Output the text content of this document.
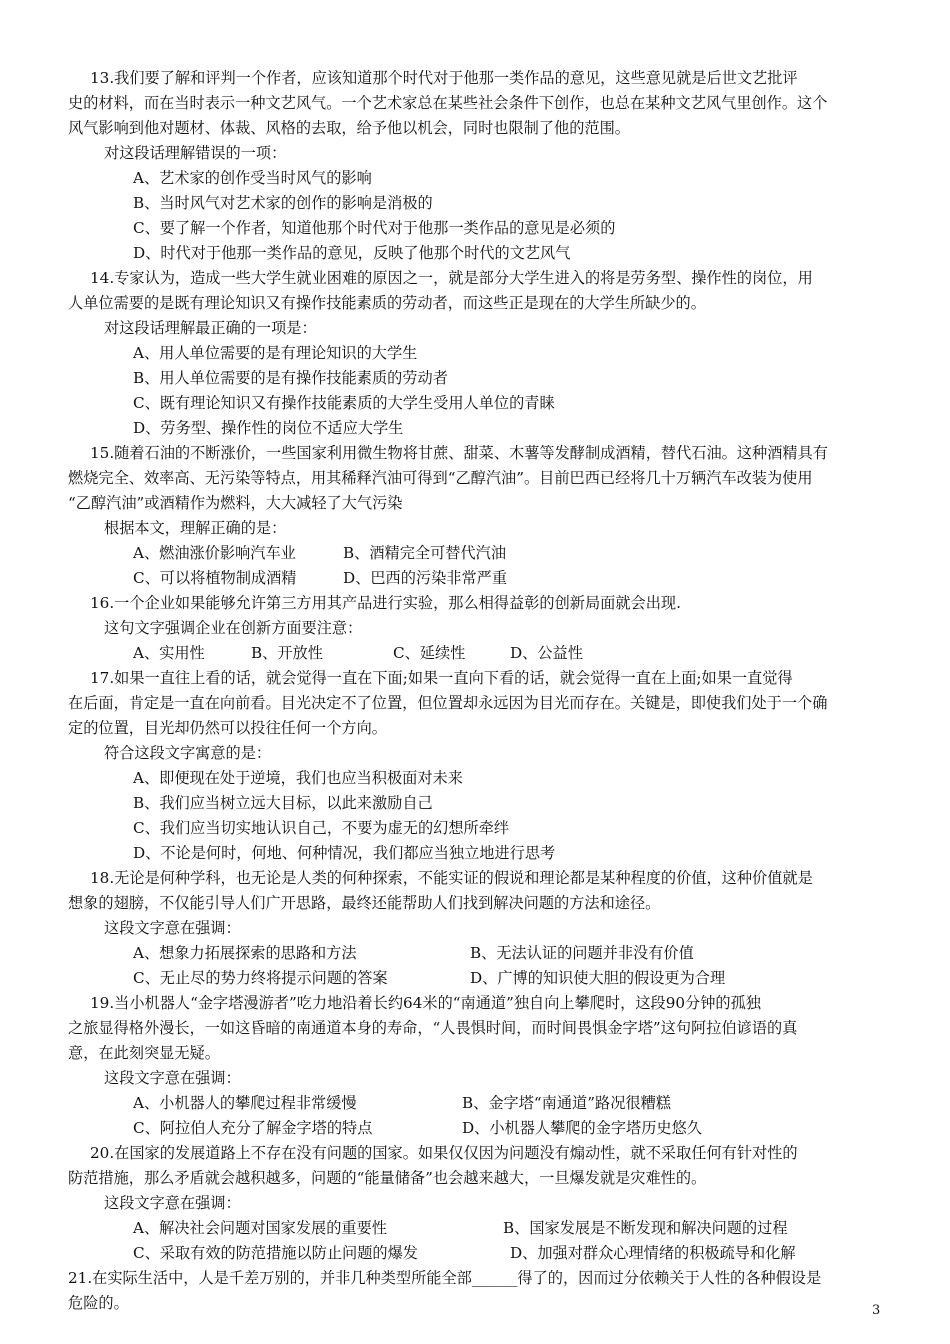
13.我们要了解和评判一个作者，应该知道那个时代对于他那一类作品的意见，这些意见就是后世文艺批评
史的材料，而在当时表示一种文艺风气。一个艺术家总在某些社会条件下创作，也总在某种文艺风气里创作。这个
风气影响到他对题材、体裁、风格的去取，给予他以机会，同时也限制了他的范围。
对这段话理解错误的一项：
A、艺术家的创作受当时风气的影响
B、当时风气对艺术家的创作的影响是消极的
C、要了解一个作者，知道他那个时代对于他那一类作品的意见是必须的
D、时代对于他那一类作品的意见，反映了他那个时代的文艺风气
14.专家认为，造成一些大学生就业困难的原因之一，就是部分大学生进入的将是劳务型、操作性的岗位，用
人单位需要的是既有理论知识又有操作技能素质的劳动者，而这些正是现在的大学生所缺少的。
对这段话理解最正确的一项是：
A、用人单位需要的是有理论知识的大学生
B、用人单位需要的是有操作技能素质的劳动者
C、既有理论知识又有操作技能素质的大学生受用人单位的青睐
D、劳务型、操作性的岗位不适应大学生
15.随着石油的不断涨价，一些国家利用微生物将甘蔗、甜菜、木薯等发酵制成酒精，替代石油。这种酒精具有
燃烧完全、效率高、无污染等特点，用其稀释汽油可得到“乙醇汽油”。目前巴西已经将几十万辆汽车改装为使用
“乙醇汽油”或酒精作为燃料，大大减轻了大气污染
根据本文，理解正确的是：

A、燃油涨价影响汽车业

	B、酒精完全可替代汽油

C、可以将植物制成酒精

	D、巴西的污染非常严重

16.一个企业如果能够允许第三方用其产品进行实验，那么相得益彰的创新局面就会出现.
这句文字强调企业在创新方面要注意：

A、实用性

	B、开放性

	C、延续性

	D、公益性

17.如果一直往上看的话，就会觉得一直在下面;如果一直向下看的话，就会觉得一直在上面;如果一直觉得
在后面，肯定是一直在向前看。目光决定不了位置，但位置却永远因为目光而存在。关键是，即使我们处于一个确
定的位置，目光却仍然可以投往任何一个方向。
符合这段文字寓意的是：
A、即便现在处于逆境，我们也应当积极面对未来
B、我们应当树立远大目标，以此来激励自己
C、我们应当切实地认识自己，不要为虚无的幻想所牵绊
D、不论是何时，何地、何种情况，我们都应当独立地进行思考
18.无论是何种学科，也无论是人类的何种探索，不能实证的假说和理论都是某种程度的价值，这种价值就是
想象的翅膀，不仅能引导人们广开思路，最终还能帮助人们找到解决问题的方法和途径。
这段文字意在强调：

A、想象力拓展探索的思路和方法

	B、无法认证的问题并非没有价值

C、无止尽的势力终将提示问题的答案

	D、广博的知识使大胆的假设更为合理

19.当小机器人“金字塔漫游者”吃力地沿着长约64米的“南通道”独自向上攀爬时，这段90分钟的孤独
之旅显得格外漫长，一如这昏暗的南通道本身的寿命，“人畏惧时间，而时间畏惧金字塔”这句阿拉伯谚语的真
意，在此刻突显无疑。
这段文字意在强调：

A、小机器人的攀爬过程非常缓慢

	B、金字塔“南通道”路况很糟糕

C、阿拉伯人充分了解金字塔的特点

	D、小机器人攀爬的金字塔历史悠久

20.在国家的发展道路上不存在没有问题的国家。如果仅仅因为问题没有煽动性，就不采取任何有针对性的
防范措施，那么矛盾就会越积越多，问题的“能量储备”也会越来越大，一旦爆发就是灾难性的。
这段文字意在强调：

A、解决社会问题对国家发展的重要性

	B、国家发展是不断发现和解决问题的过程

C、采取有效的防范措施以防止问题的爆发

	D、加强对群众心理情绪的积极疏导和化解

21.在实际生活中，人是千差万别的，并非几种类型所能全部______得了的，因而过分依赖关于人性的各种假设是
危险的。	3
